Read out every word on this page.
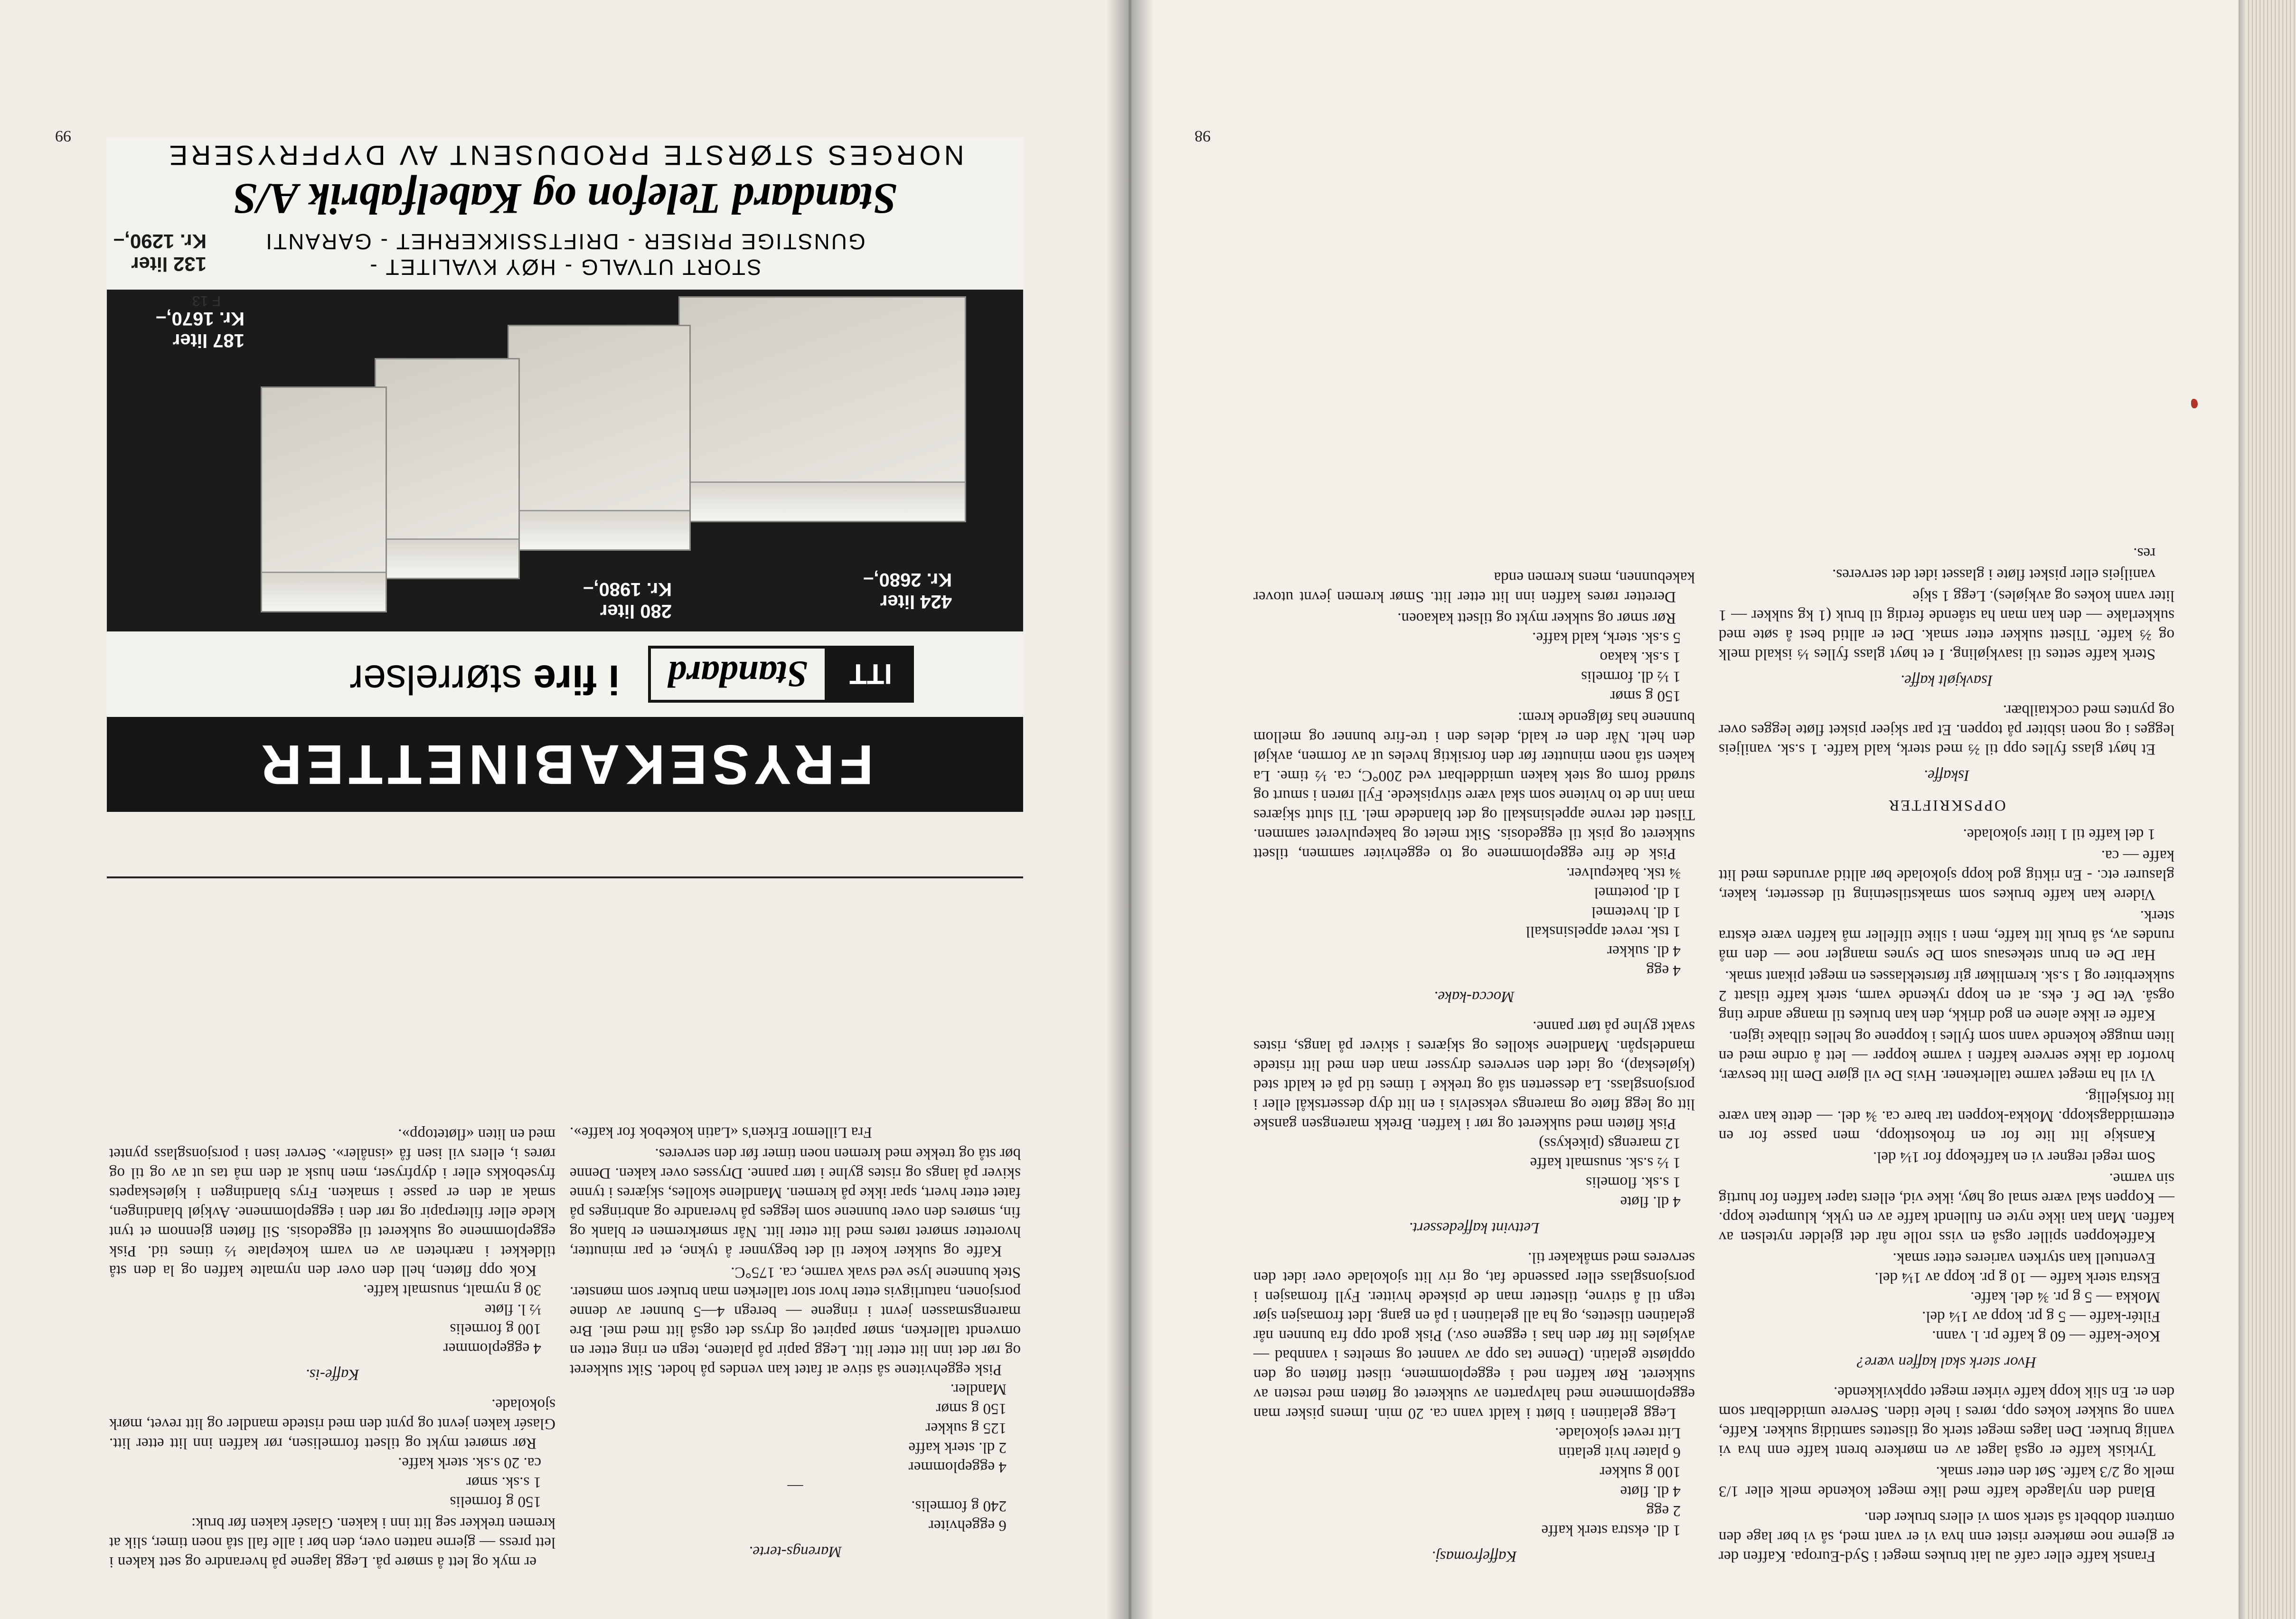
99
FRYSEKABINETTER
ITT
Standard
i fire størrelser
424 liter
Kr. 2680,–
280 liter
Kr. 1980,–
187 liter
Kr. 1670,–
132 liter
Kr. 1290,–
F 13
STORT UTVALG - HØY KVALITET -
GUNSTIGE PRISER - DRIFTSSIKKERHET - GARANTI
Standard Telefon og Kabelfabrik A/S
NORGES STØRSTE PRODUSENT AV DYPFRYSERE

Marengs-terte.

6 eggehviter

240 g formelis.

—

4 eggeplommer

2 dl. sterk kaffe

125 g sukker

150 g smør

Mandler.

Pisk eggehvitene så stive at fatet kan vendes på hodet. Sikt sukkeret og rør det inn litt etter litt. Legg papir på platene, tegn en ring etter en omvendt tallerken, smør papiret og dryss det også litt med mel. Bre marengsmassen jevnt i ringene — beregn 4—5 bunner av denne porsjonen, naturligvis etter hvor stor tallerken man bruker som mønster. Stek bunnene lyse ved svak varme, ca. 175°C.

Kaffe og sukker koker til det begynner å tykne, et par minutter, hvoretter smøret røres med litt etter litt. Når smørkremen er blank og fin, smøres den over bunnene som legges på hverandre og anbringes på fatet etter hvert, spar ikke på kremen. Mandlene skolles, skjæres i tynne skiver på langs og ristes gylne i tørr panne. Drysses over kaken. Denne bør stå og trekke med kremen noen timer før den serveres.

Fra Lillemor Erken's «Latin kokebok for kaffe».

er myk og lett å smøre på. Legg lagene på hverandre og sett kaken i lett press — gjerne natten over, den bør i alle fall stå noen timer, slik at kremen trekker seg litt inn i kaken. Glasér kaken før bruk:

150 g formelis

1 s.sk. smør

ca. 20 s.sk. sterk kaffe.

Rør smøret mykt og tilsett formelisen, rør kaffen inn litt etter litt. Glasér kaken jevnt og pynt den med ristede mandler og litt revet, mørk sjokolade.

Kaffe-is.

4 eggeplommer

100 g formelis

½ l. fløte

30 g nymalt, snusmalt kaffe.

Kok opp fløten, hell den over den nymalte kaffen og la den stå tildekket i nærheten av en varm kokeplate ½ times tid. Pisk eggeplommene og sukkeret til eggedosis. Sil fløten gjennom et tynt klede eller filterpapir og rør den i eggeplommene. Avkjøl blandingen, smak at den er passe i smaken. Frys blandingen i kjøleskapets frysebokks eller i dypfryser, men husk at den må tas ut av og til og røres i, ellers vil isen få «isnåler». Server isen i porsjonsglass pyntet med en liten «fløtetopp».

98

Fransk kaffe eller café au lait brukes meget i Syd-Europa. Kaffen der er gjerne noe mørkere ristet enn hva vi er vant med, så vi bør lage den omtrent dobbelt så sterk som vi ellers bruker den.

Bland den nylagede kaffe med like meget kokende melk eller 1/3 melk og 2/3 kaffe. Søt den etter smak.

Tyrkisk kaffe er også laget av en mørkere brent kaffe enn hva vi vanlig bruker. Den lages meget sterk og tilsettes samtidig sukker. Kaffe, vann og sukker kokes opp, røres i hele tiden. Servere umiddelbart som den er. En slik kopp kaffe virker meget oppkvikkende.

Hvor sterk skal kaffen være?

Koke-kaffe — 60 g kaffe pr. l. vann.

Filtér-kaffe — 5 g pr. kopp av 1¼ del.

Mokka — 5 g pr. ¾ del. kaffe.

Ekstra sterk kaffe — 10 g pr. kopp av 1¼ del.

Eventuell kan styrken varieres etter smak.

Kaffekoppen spiller også en viss rolle når det gjelder nytelsen av kaffen. Man kan ikke nyte en fullendt kaffe av en tykk, klumpete kopp. — Koppen skal være smal og høy, ikke vid, ellers taper kaffen for hurtig sin varme.

Som regel regner vi en kaffekopp for 1¼ del.

Kanskje litt lite for en frokostkopp, men passe for en ettermiddagskopp. Mokka-koppen tar bare ca. ¾ del. — dette kan være litt forskjellig.

Vi vil ha meget varme tallerkener. Hvis De vil gjøre Dem litt besvær, hvorfor da ikke servere kaffen i varme kopper — lett å ordne med en liten mugge kokende vann som fylles i koppene og helles tilbake igjen.

Kaffe er ikke alene en god drikk, den kan brukes til mange andre ting også. Vet De f. eks. at en kopp rykende varm, sterk kaffe tilsatt 2 sukkerbiter og 1 s.sk. kremlikør gir førsteklasses en meget pikant smak.

Har De en brun stekesaus som De synes mangler noe — den må rundes av, så bruk litt kaffe, men i slike tilfeller må kaffen være ekstra sterk.

Videre kan kaffe brukes som smakstilsetning til desserter, kaker, glasurer etc. - En riktig god kopp sjokolade bør alltid avrundes med litt kaffe — ca.

1 del kaffe til 1 liter sjokolade.

OPPSKRIFTER

Iskaffe.

Et høyt glass fylles opp til ⅔ med sterk, kald kaffe. 1 s.sk. vaniljeis legges i og noen isbiter på toppen. Et par skjeer pisket fløte legges over og pyntes med cocktailbær.

Isavkjølt kaffe.

Sterk kaffe settes til isavkjøling. I et høyt glass fylles ⅓ iskald melk og ⅔ kaffe. Tilsett sukker etter smak. Det er alltid best å søte med sukkerlake — den kan man ha stående ferdig til bruk (1 kg sukker — 1 liter vann kokes og avkjøles). Legg 1 skje

vaniljeis eller pisket fløte i glasset idet det serveres.

res.

Kaffefromasj.

1 dl. ekstra sterk kaffe

2 egg

4 dl. fløte

100 g sukker

6 plater hvit gelatin

Litt revet sjokolade.

Legg gelatinen i bløtt i kaldt vann ca. 20 min. Imens pisker man eggeplommene med halvparten av sukkeret og fløten med resten av sukkeret. Rør kaffen ned i eggeplommene, tilsett fløten og den oppløste gelatin. (Denne tas opp av vannet og smeltes i vannbad — avkjøles litt før den has i eggene osv.) Pisk godt opp fra bunnen når gelatinen tilsettes, og ha all gelatinen i på en gang. Idet fromasjen sjør tegn til å stivne, tilsetter man de piskede hvitter. Fyll fromasjen i porsjonsglass eller passende fat, og riv litt sjokolade over idet den serveres med småkaker til.

Lettvint kaffedessert.

4 dl. fløte

1 s.sk. flomelis

1 ½ s.sk. snusmalt kaffe

12 marengs (pikekyss)

Pisk fløten med sukkeret og rør i kaffen. Brekk marengsen ganske litt og legg fløte og marengs vekselvis i en litt dyp dessertskål eller i porsjonsglass. La desserten stå og trekke 1 times tid på et kaldt sted (kjøleskap), og idet den serveres drysser man den med litt ristede mandelspån. Mandlene skolles og skjæres i skiver på langs, ristes svakt gylne på tørr panne.

Mocca-kake.

4 egg

4 dl. sukker

1 tsk. revet appelsinskall

1 dl. hvetemel

1 dl. potetmel

¾ tsk. bakepulver.

Pisk de fire eggeplommene og to eggehviter sammen, tilsett sukkeret og pisk til eggedosis. Sikt melet og bakepulveret sammen. Tilsett det revne appelsinskall og det blandede mel. Til slutt skjæres man inn de to hvitene som skal være stivpiskede. Fyll røren i smurt og strødd form og stek kaken umiddelbart ved 200°C, ca. ½ time. La kaken stå noen minutter før den forsiktig hveles ut av formen, avkjøl den helt. Når den er kald, deles den i tre-fire bunner og mellom bunnene has følgende krem:

150 g smør

1 ½ dl. formelis

1 s.sk. kakao

5 s.sk. sterk, kald kaffe.

Rør smør og sukker mykt og tilsett kakaoen.

Deretter røres kaffen inn litt etter litt. Smør kremen jevnt utover kakebunnen, mens kremen enda
